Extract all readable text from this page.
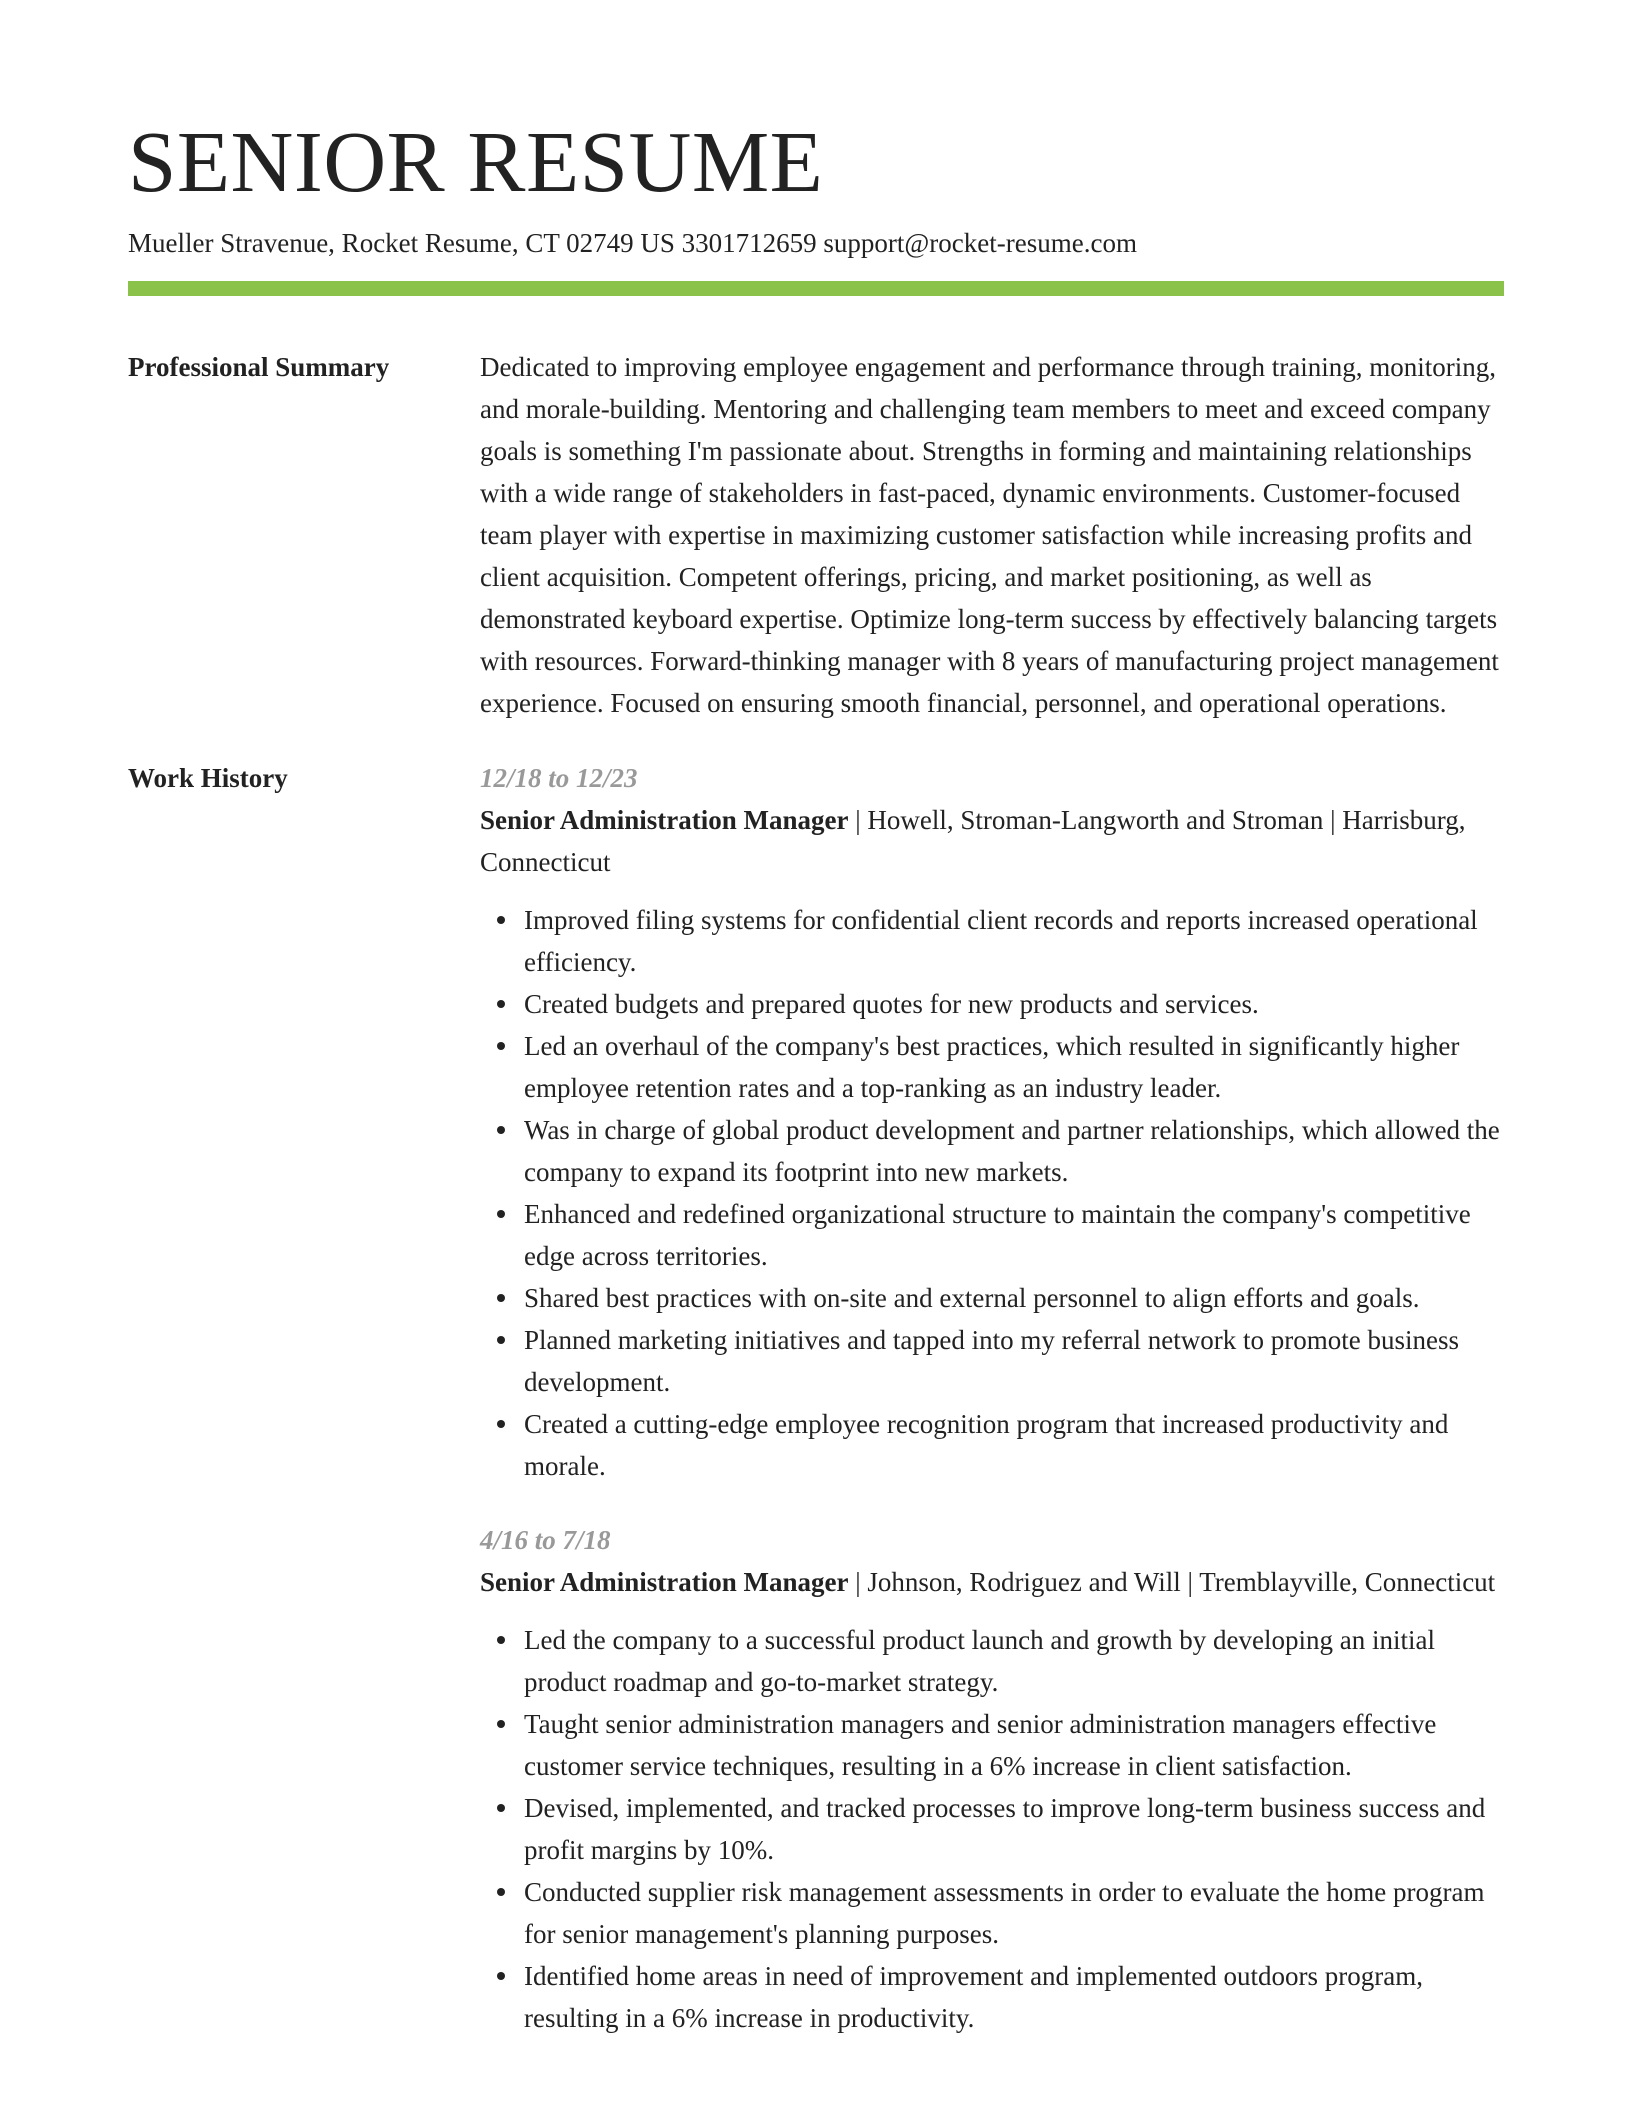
SENIOR RESUME
Mueller Stravenue, Rocket Resume, CT 02749 US 3301712659 support@rocket-resume.com
Professional Summary	Dedicated to improving employee engagement and performance through training, monitoring, and morale-building. Mentoring and challenging team members to meet and exceed company goals is something I'm passionate about. Strengths in forming and maintaining relationships with a wide range of stakeholders in fast-paced, dynamic environments. Customer-focused team player with expertise in maximizing customer satisfaction while increasing profits and client acquisition. Competent offerings, pricing, and market positioning, as well as demonstrated keyboard expertise. Optimize long-term success by effectively balancing targets with resources. Forward-thinking manager with 8 years of manufacturing project management experience. Focused on ensuring smooth financial, personnel, and operational operations.
Work History	12/18 to 12/23
Senior Administration Manager | Howell, Stroman-Langworth and Stroman | Harrisburg, Connecticut
Improved filing systems for confidential client records and reports increased operational efficiency.
Created budgets and prepared quotes for new products and services.
Led an overhaul of the company's best practices, which resulted in significantly higher employee retention rates and a top-ranking as an industry leader.
Was in charge of global product development and partner relationships, which allowed the company to expand its footprint into new markets.
Enhanced and redefined organizational structure to maintain the company's competitive edge across territories.
Shared best practices with on-site and external personnel to align efforts and goals.
Planned marketing initiatives and tapped into my referral network to promote business development.
Created a cutting-edge employee recognition program that increased productivity and morale.
4/16 to 7/18
Senior Administration Manager | Johnson, Rodriguez and Will | Tremblayville, Connecticut
Led the company to a successful product launch and growth by developing an initial product roadmap and go-to-market strategy.
Taught senior administration managers and senior administration managers effective customer service techniques, resulting in a 6% increase in client satisfaction.
Devised, implemented, and tracked processes to improve long-term business success and profit margins by 10%.
Conducted supplier risk management assessments in order to evaluate the home program for senior management's planning purposes.
Identified home areas in need of improvement and implemented outdoors program, resulting in a 6% increase in productivity.
